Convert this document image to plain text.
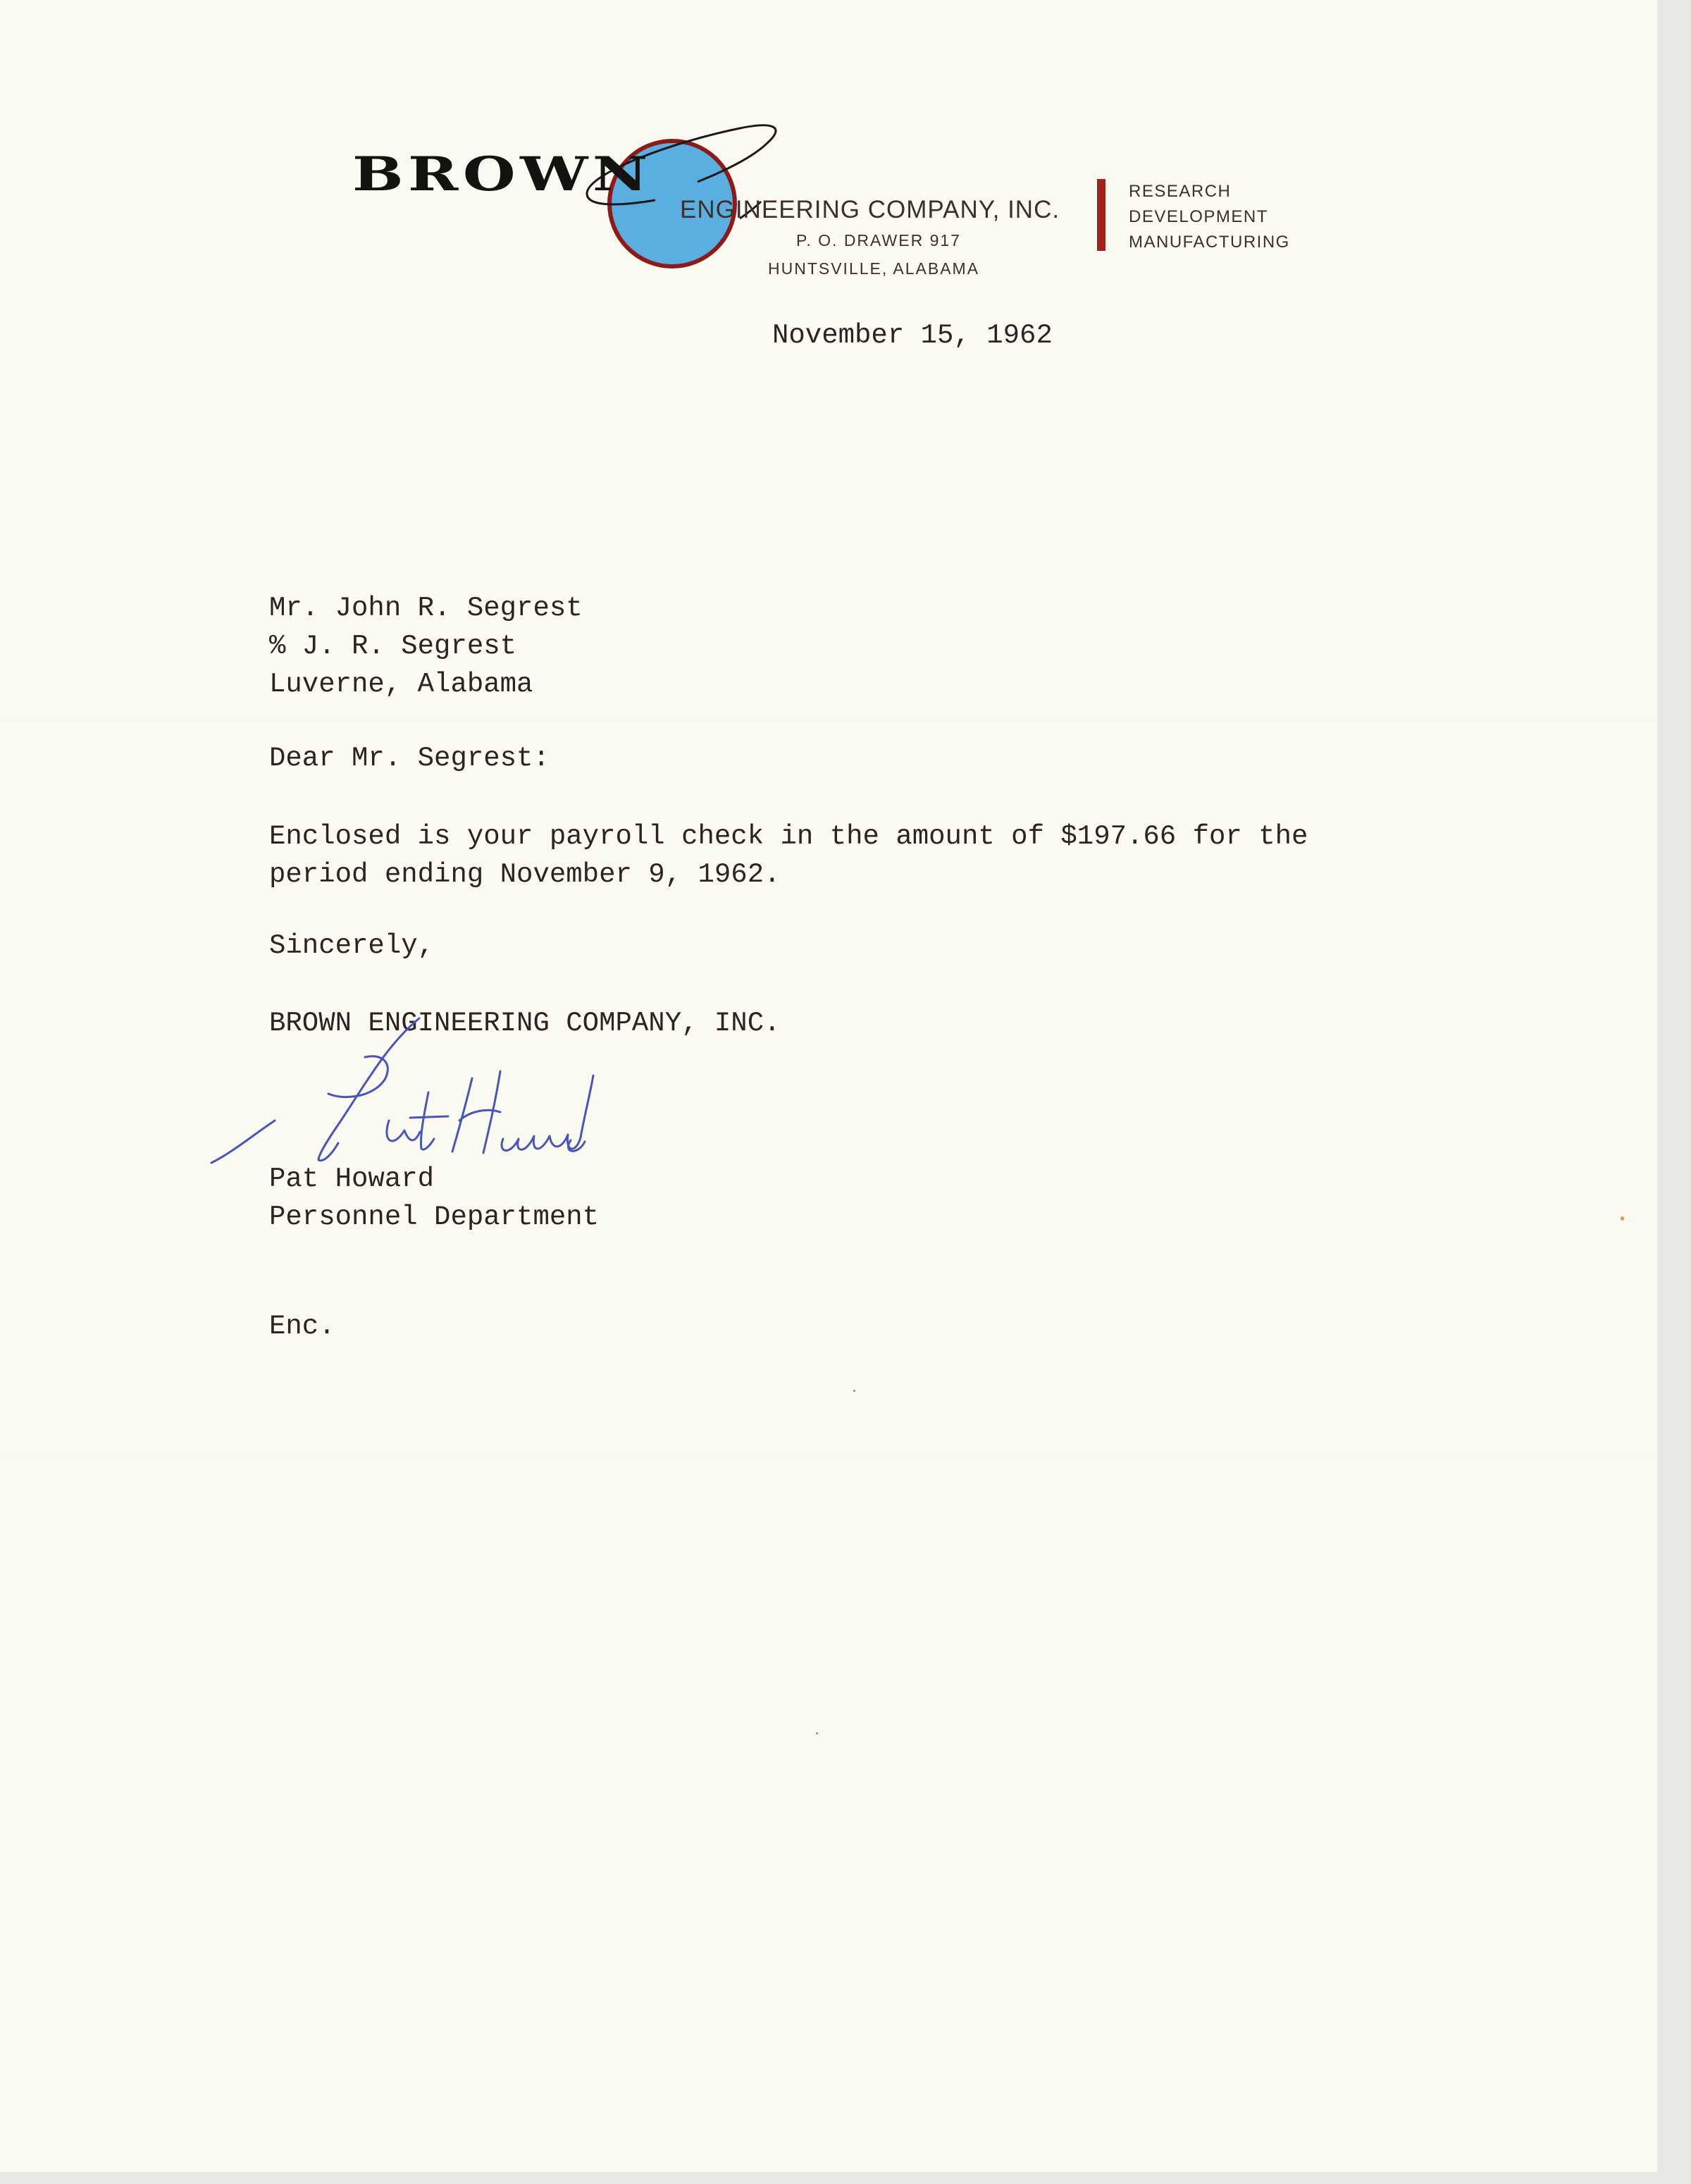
BROWN
ENGINEERING COMPANY, INC.
P. O. DRAWER 917
HUNTSVILLE, ALABAMA
RESEARCH
DEVELOPMENT
MANUFACTURING
November 15, 1962
Mr. John R. Segrest
% J. R. Segrest
Luverne, Alabama
Dear Mr. Segrest:
Enclosed is your payroll check in the amount of $197.66 for the
period ending November 9, 1962.
Sincerely,
BROWN ENGINEERING COMPANY, INC.
Pat Howard
Personnel Department
Enc.
